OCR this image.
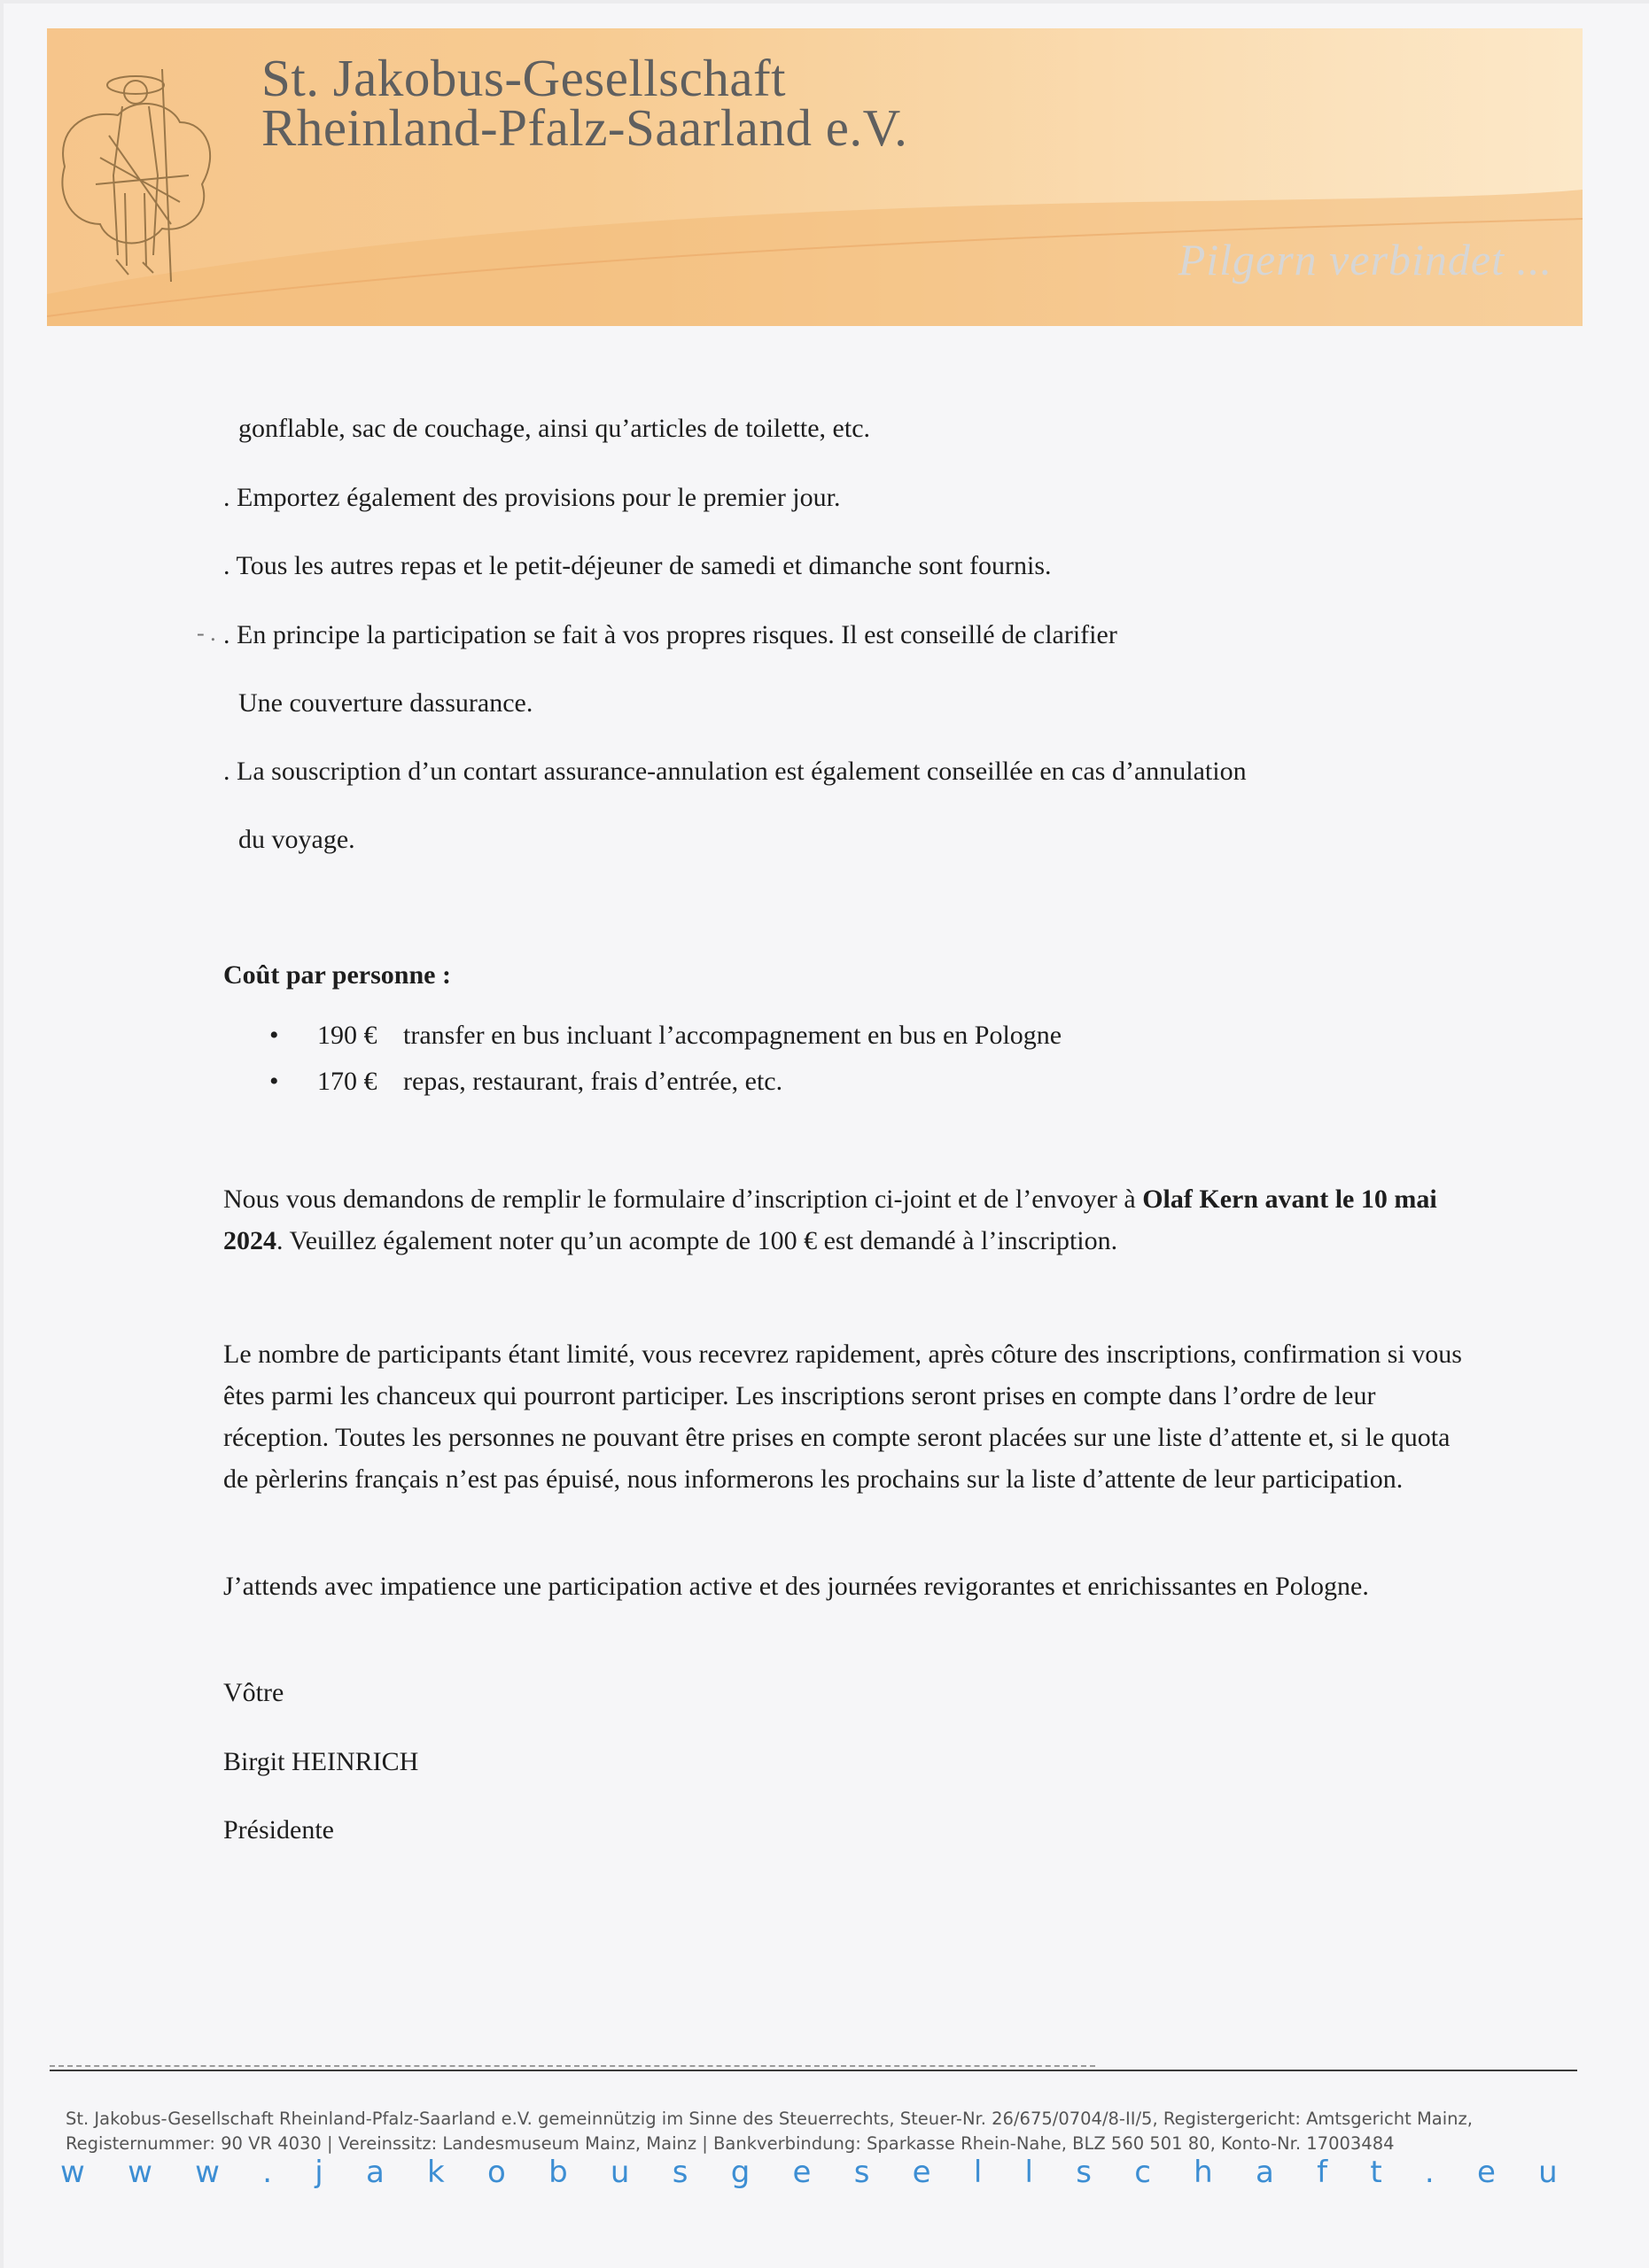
St. Jakobus-Gesellschaft
Rheinland-Pfalz-Saarland e.V.
Pilgern verbindet ...
gonflable, sac de couchage, ainsi qu’articles de toilette, etc.
. Emportez également des provisions pour le premier jour.
. Tous les autres repas et le petit-déjeuner de samedi et dimanche sont fournis.
- . . En principe la participation se fait à vos propres risques. Il est conseillé de clarifier
Une couverture dassurance.
. La souscription d’un contart assurance-annulation est également conseillée en cas d’annulation
du voyage.
Coût par personne :
• 190 € transfer en bus incluant l’accompagnement en bus en Pologne
• 170 € repas, restaurant, frais d’entrée, etc.

Nous vous demandons de remplir le formulaire d’inscription ci-joint et de l’envoyer à Olaf Kern avant le 10 mai 2024. Veuillez également noter qu’un acompte de 100 € est demandé à l’inscription.

Le nombre de participants étant limité, vous recevrez rapidement, après côture des inscriptions, confirmation si vous êtes parmi les chanceux qui pourront participer. Les inscriptions seront prises en compte dans l’ordre de leur réception. Toutes les personnes ne pouvant être prises en compte seront placées sur une liste d’attente et, si le quota de pèrlerins français n’est pas épuisé, nous informerons les prochains sur la liste d’attente de leur participation.
J’attends avec impatience une participation active et des journées revigorantes et enrichissantes en Pologne.
Vôtre
Birgit HEINRICH
Présidente
St. Jakobus-Gesellschaft Rheinland-Pfalz-Saarland e.V. gemeinnützig im Sinne des Steuerrechts, Steuer-Nr. 26/675/0704/8-II/5, Registergericht: Amtsgericht Mainz,
Registernummer: 90 VR 4030 | Vereinssitz: Landesmuseum Mainz, Mainz | Bankverbindung: Sparkasse Rhein-Nahe, BLZ 560 501 80, Konto-Nr. 17003484
w w w . j a k o b u s g e s e l l s c h a f t . e u
